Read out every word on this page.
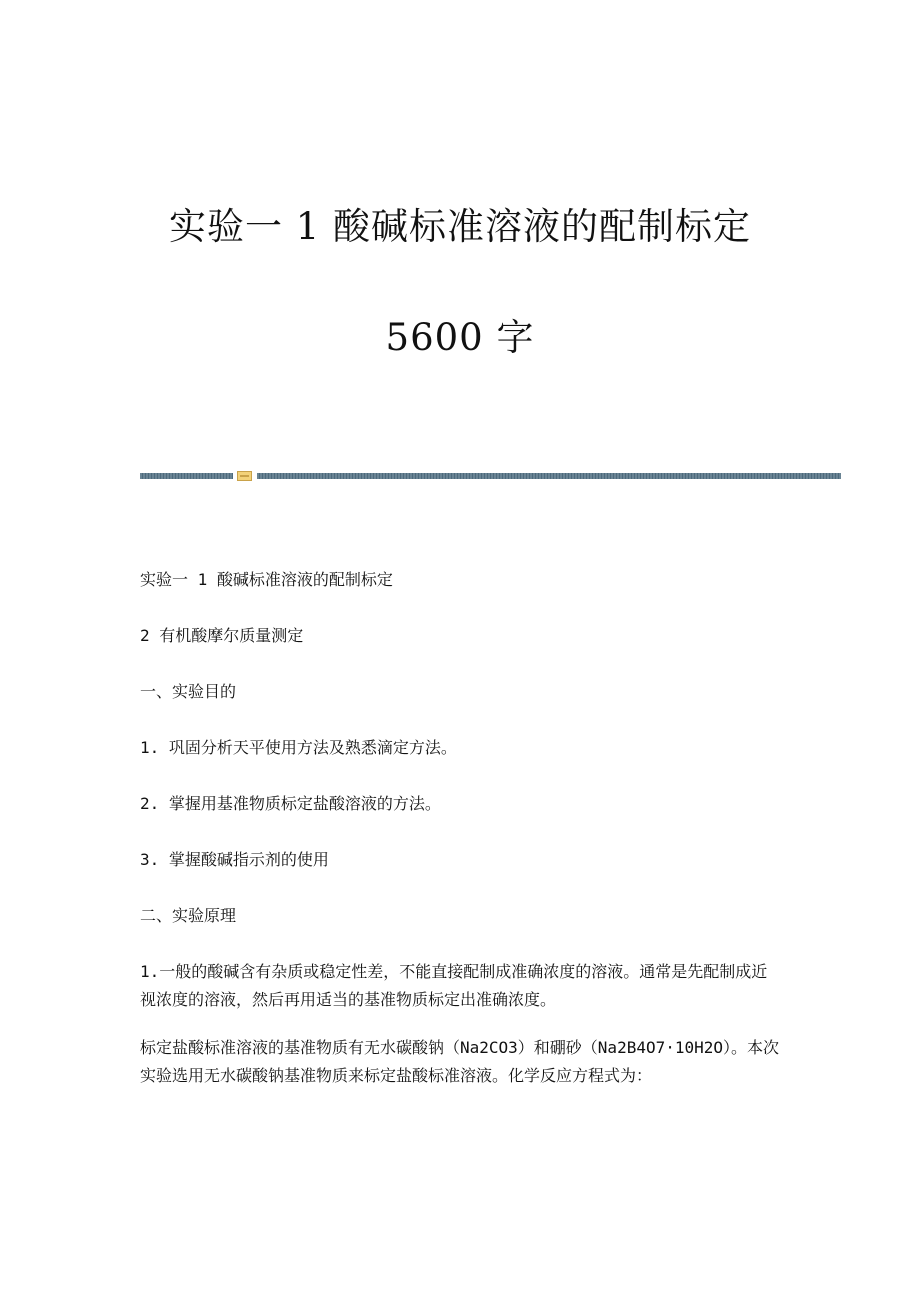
实验一 1 酸碱标准溶液的配制标定
5600 字

实验一 1 酸碱标准溶液的配制标定

2 有机酸摩尔质量测定

一、实验目的

1. 巩固分析天平使用方法及熟悉滴定方法。

2. 掌握用基准物质标定盐酸溶液的方法。

3. 掌握酸碱指示剂的使用

二、实验原理

1.一般的酸碱含有杂质或稳定性差，不能直接配制成准确浓度的溶液。通常是先配制成近视浓度的溶液，然后再用适当的基准物质标定出准确浓度。

标定盐酸标准溶液的基准物质有无水碳酸钠（Na2CO3）和硼砂（Na2B4O7·10H2O）。本次实验选用无水碳酸钠基准物质来标定盐酸标准溶液。化学反应方程式为：
